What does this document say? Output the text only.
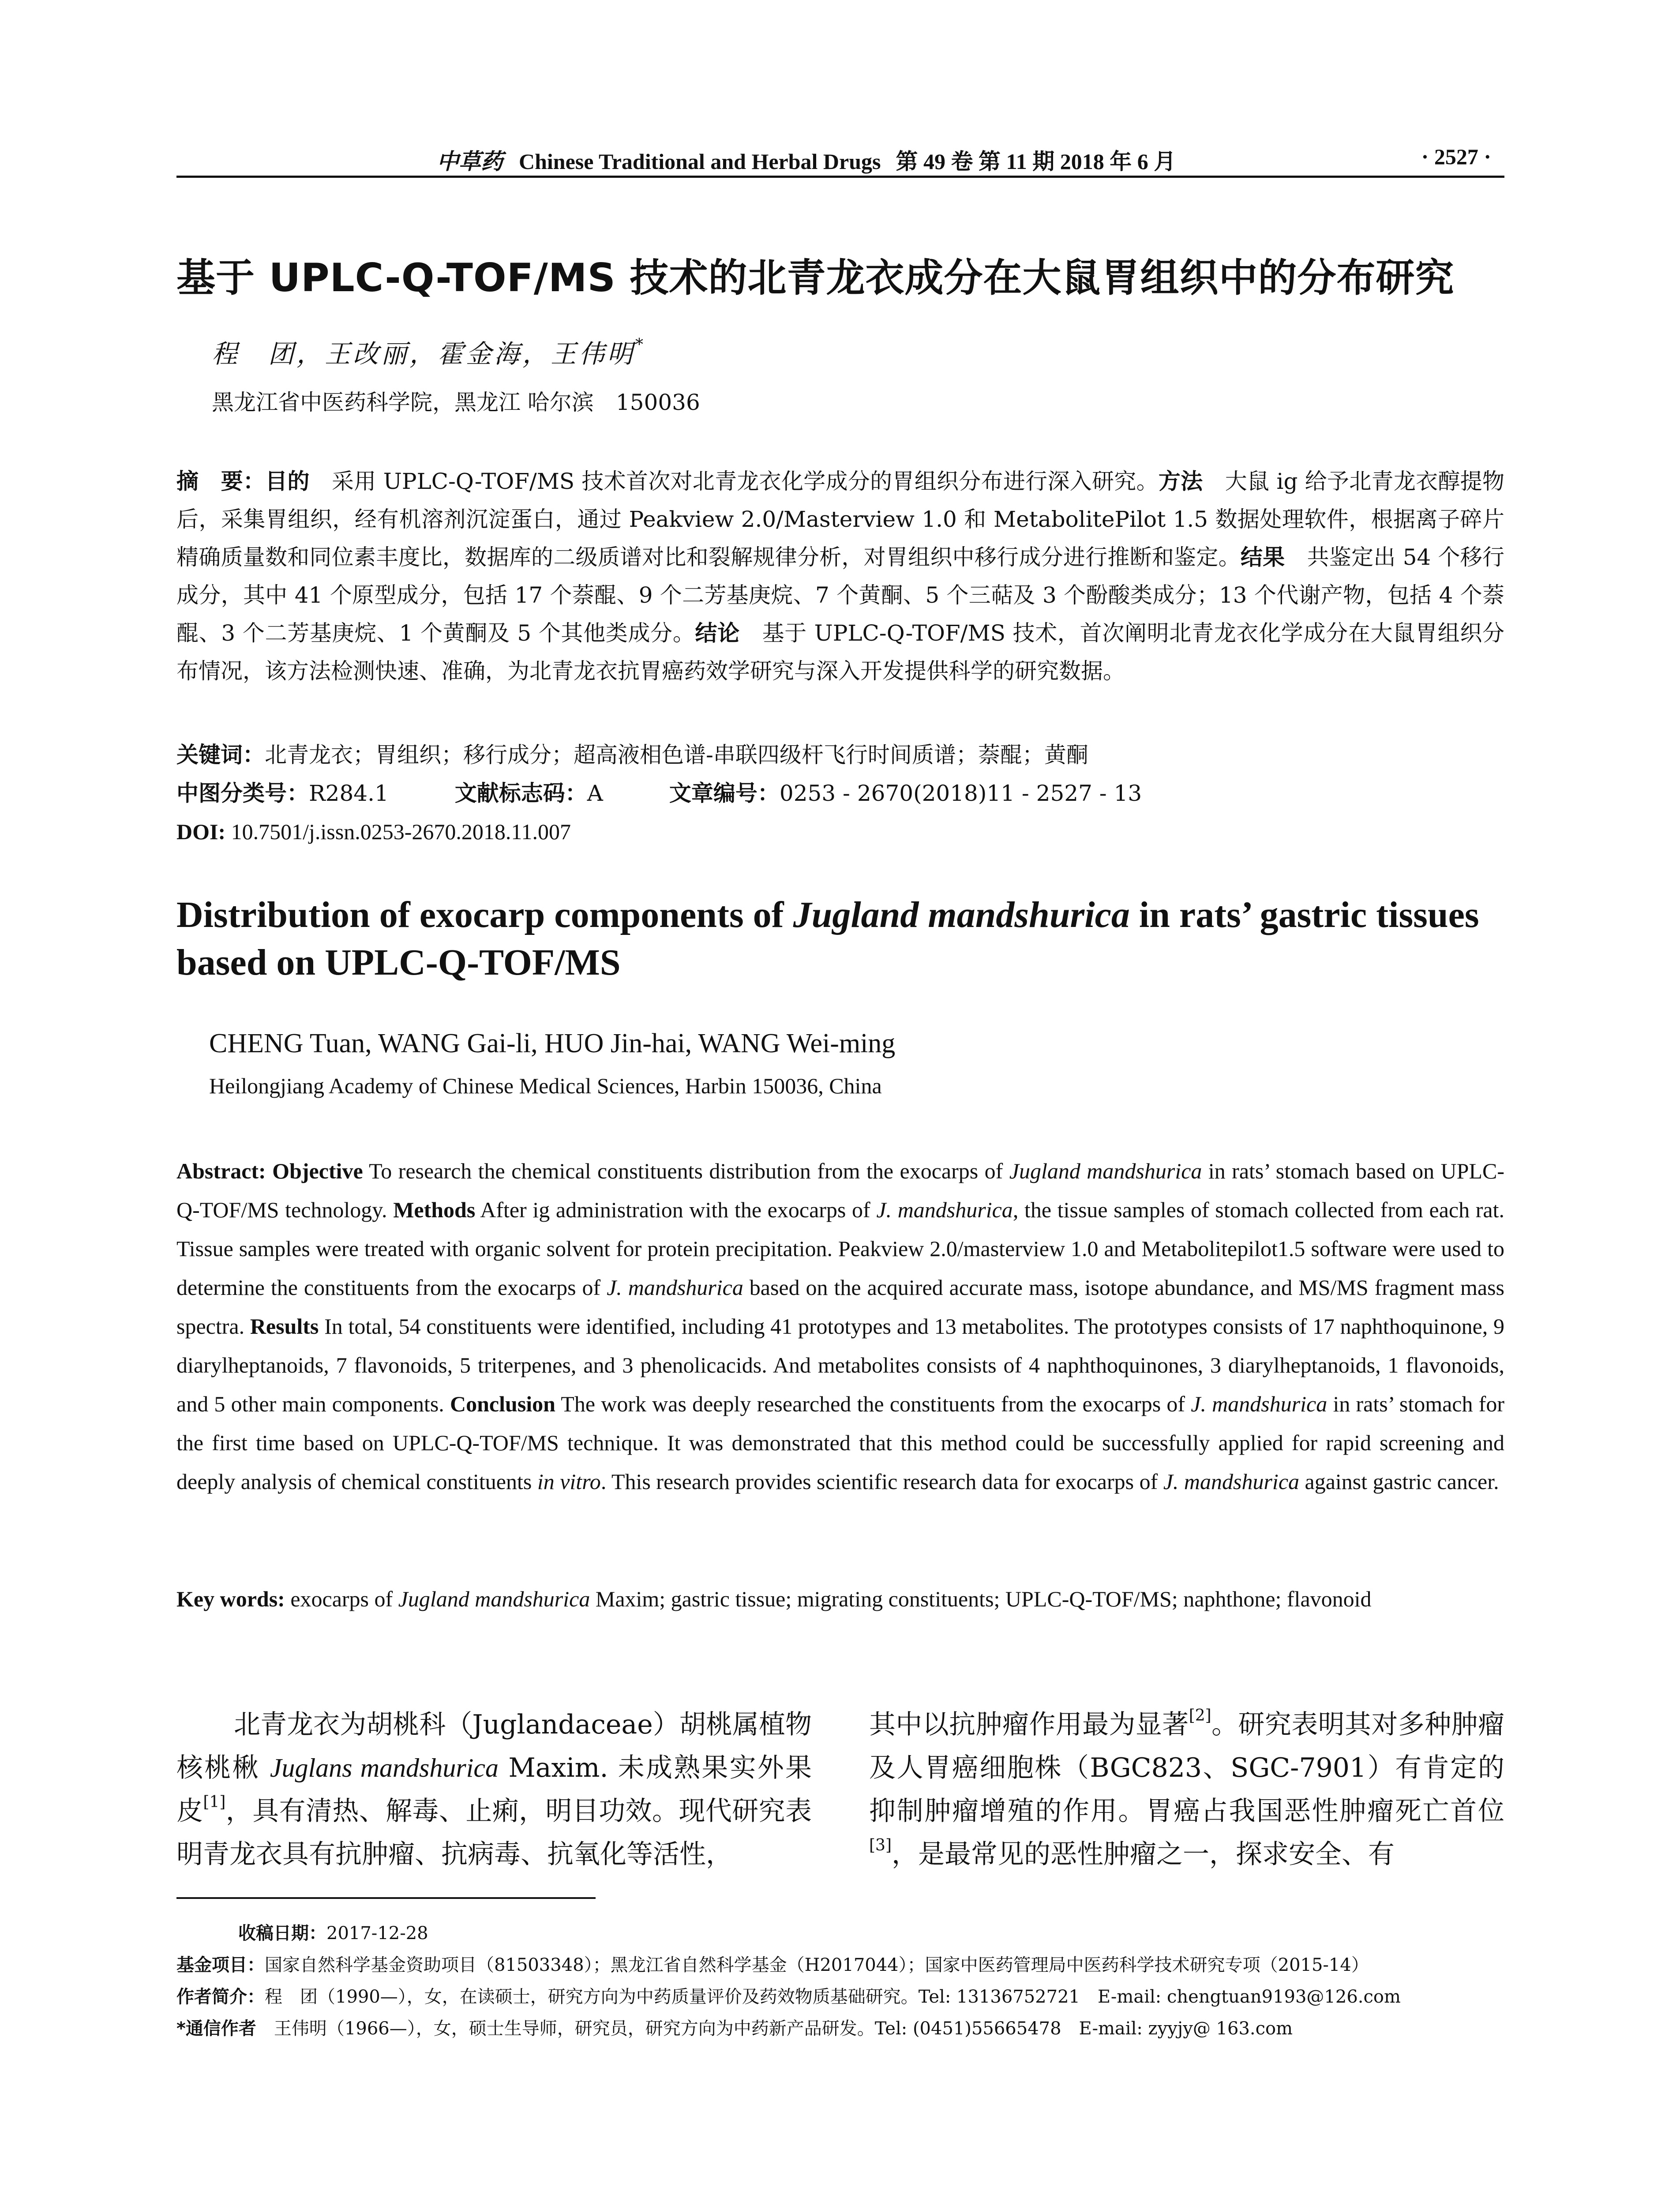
中草药 Chinese Traditional and Herbal Drugs 第 49 卷 第 11 期 2018 年 6 月	· 2527 ·
基于 UPLC-Q-TOF/MS 技术的北青龙衣成分在大鼠胃组织中的分布研究
程　团，王改丽，霍金海，王伟明*
黑龙江省中医药科学院，黑龙江 哈尔滨　150036
摘　要：目的　采用 UPLC-Q-TOF/MS 技术首次对北青龙衣化学成分的胃组织分布进行深入研究。方法　大鼠 ig 给予北青龙衣醇提物后，采集胃组织，经有机溶剂沉淀蛋白，通过 Peakview 2.0/Masterview 1.0 和 MetabolitePilot 1.5 数据处理软件，根据离子碎片精确质量数和同位素丰度比，数据库的二级质谱对比和裂解规律分析，对胃组织中移行成分进行推断和鉴定。结果　共鉴定出 54 个移行成分，其中 41 个原型成分，包括 17 个萘醌、9 个二芳基庚烷、7 个黄酮、5 个三萜及 3 个酚酸类成分；13 个代谢产物，包括 4 个萘醌、3 个二芳基庚烷、1 个黄酮及 5 个其他类成分。结论　基于 UPLC-Q-TOF/MS 技术，首次阐明北青龙衣化学成分在大鼠胃组织分布情况，该方法检测快速、准确，为北青龙衣抗胃癌药效学研究与深入开发提供科学的研究数据。
关键词：北青龙衣；胃组织；移行成分；超高液相色谱-串联四级杆飞行时间质谱；萘醌；黄酮
中图分类号：R284.1	文献标志码：A	文章编号：0253 - 2670(2018)11 - 2527 - 13
DOI: 10.7501/j.issn.0253-2670.2018.11.007
Distribution of exocarp components of Jugland mandshurica in rats’ gastric tissues based on UPLC-Q-TOF/MS
CHENG Tuan, WANG Gai-li, HUO Jin-hai, WANG Wei-ming
Heilongjiang Academy of Chinese Medical Sciences, Harbin 150036, China
Abstract: Objective To research the chemical constituents distribution from the exocarps of Jugland mandshurica in rats’ stomach based on UPLC-Q-TOF/MS technology. Methods After ig administration with the exocarps of J. mandshurica, the tissue samples of stomach collected from each rat. Tissue samples were treated with organic solvent for protein precipitation. Peakview 2.0/masterview 1.0 and Metabolitepilot1.5 software were used to determine the constituents from the exocarps of J. mandshurica based on the acquired accurate mass, isotope abundance, and MS/MS fragment mass spectra. Results In total, 54 constituents were identified, including 41 prototypes and 13 metabolites. The prototypes consists of 17 naphthoquinone, 9 diarylheptanoids, 7 flavonoids, 5 triterpenes, and 3 phenolicacids. And metabolites consists of 4 naphthoquinones, 3 diarylheptanoids, 1 flavonoids, and 5 other main components. Conclusion The work was deeply researched the constituents from the exocarps of J. mandshurica in rats’ stomach for the first time based on UPLC-Q-TOF/MS technique. It was demonstrated that this method could be successfully applied for rapid screening and deeply analysis of chemical constituents in vitro. This research provides scientific research data for exocarps of J. mandshurica against gastric cancer.
Key words: exocarps of Jugland mandshurica Maxim; gastric tissue; migrating constituents; UPLC-Q-TOF/MS; naphthone; flavonoid
北青龙衣为胡桃科（Juglandaceae）胡桃属植物核桃楸 Juglans mandshurica Maxim. 未成熟果实外果皮[1]，具有清热、解毒、止痢，明目功效。现代研究表明青龙衣具有抗肿瘤、抗病毒、抗氧化等活性，
其中以抗肿瘤作用最为显著[2]。研究表明其对多种肿瘤及人胃癌细胞株（BGC823、SGC-7901）有肯定的抑制肿瘤增殖的作用。胃癌占我国恶性肿瘤死亡首位[3]，是最常见的恶性肿瘤之一，探求安全、有
收稿日期：2017-12-28
基金项目：国家自然科学基金资助项目（81503348）；黑龙江省自然科学基金（H2017044）；国家中医药管理局中医药科学技术研究专项（2015-14）
作者简介：程　团（1990—），女，在读硕士，研究方向为中药质量评价及药效物质基础研究。Tel: 13136752721　E-mail: chengtuan9193@126.com
*通信作者　王伟明（1966—），女，硕士生导师，研究员，研究方向为中药新产品研发。Tel: (0451)55665478　E-mail: zyyjy@ 163.com
